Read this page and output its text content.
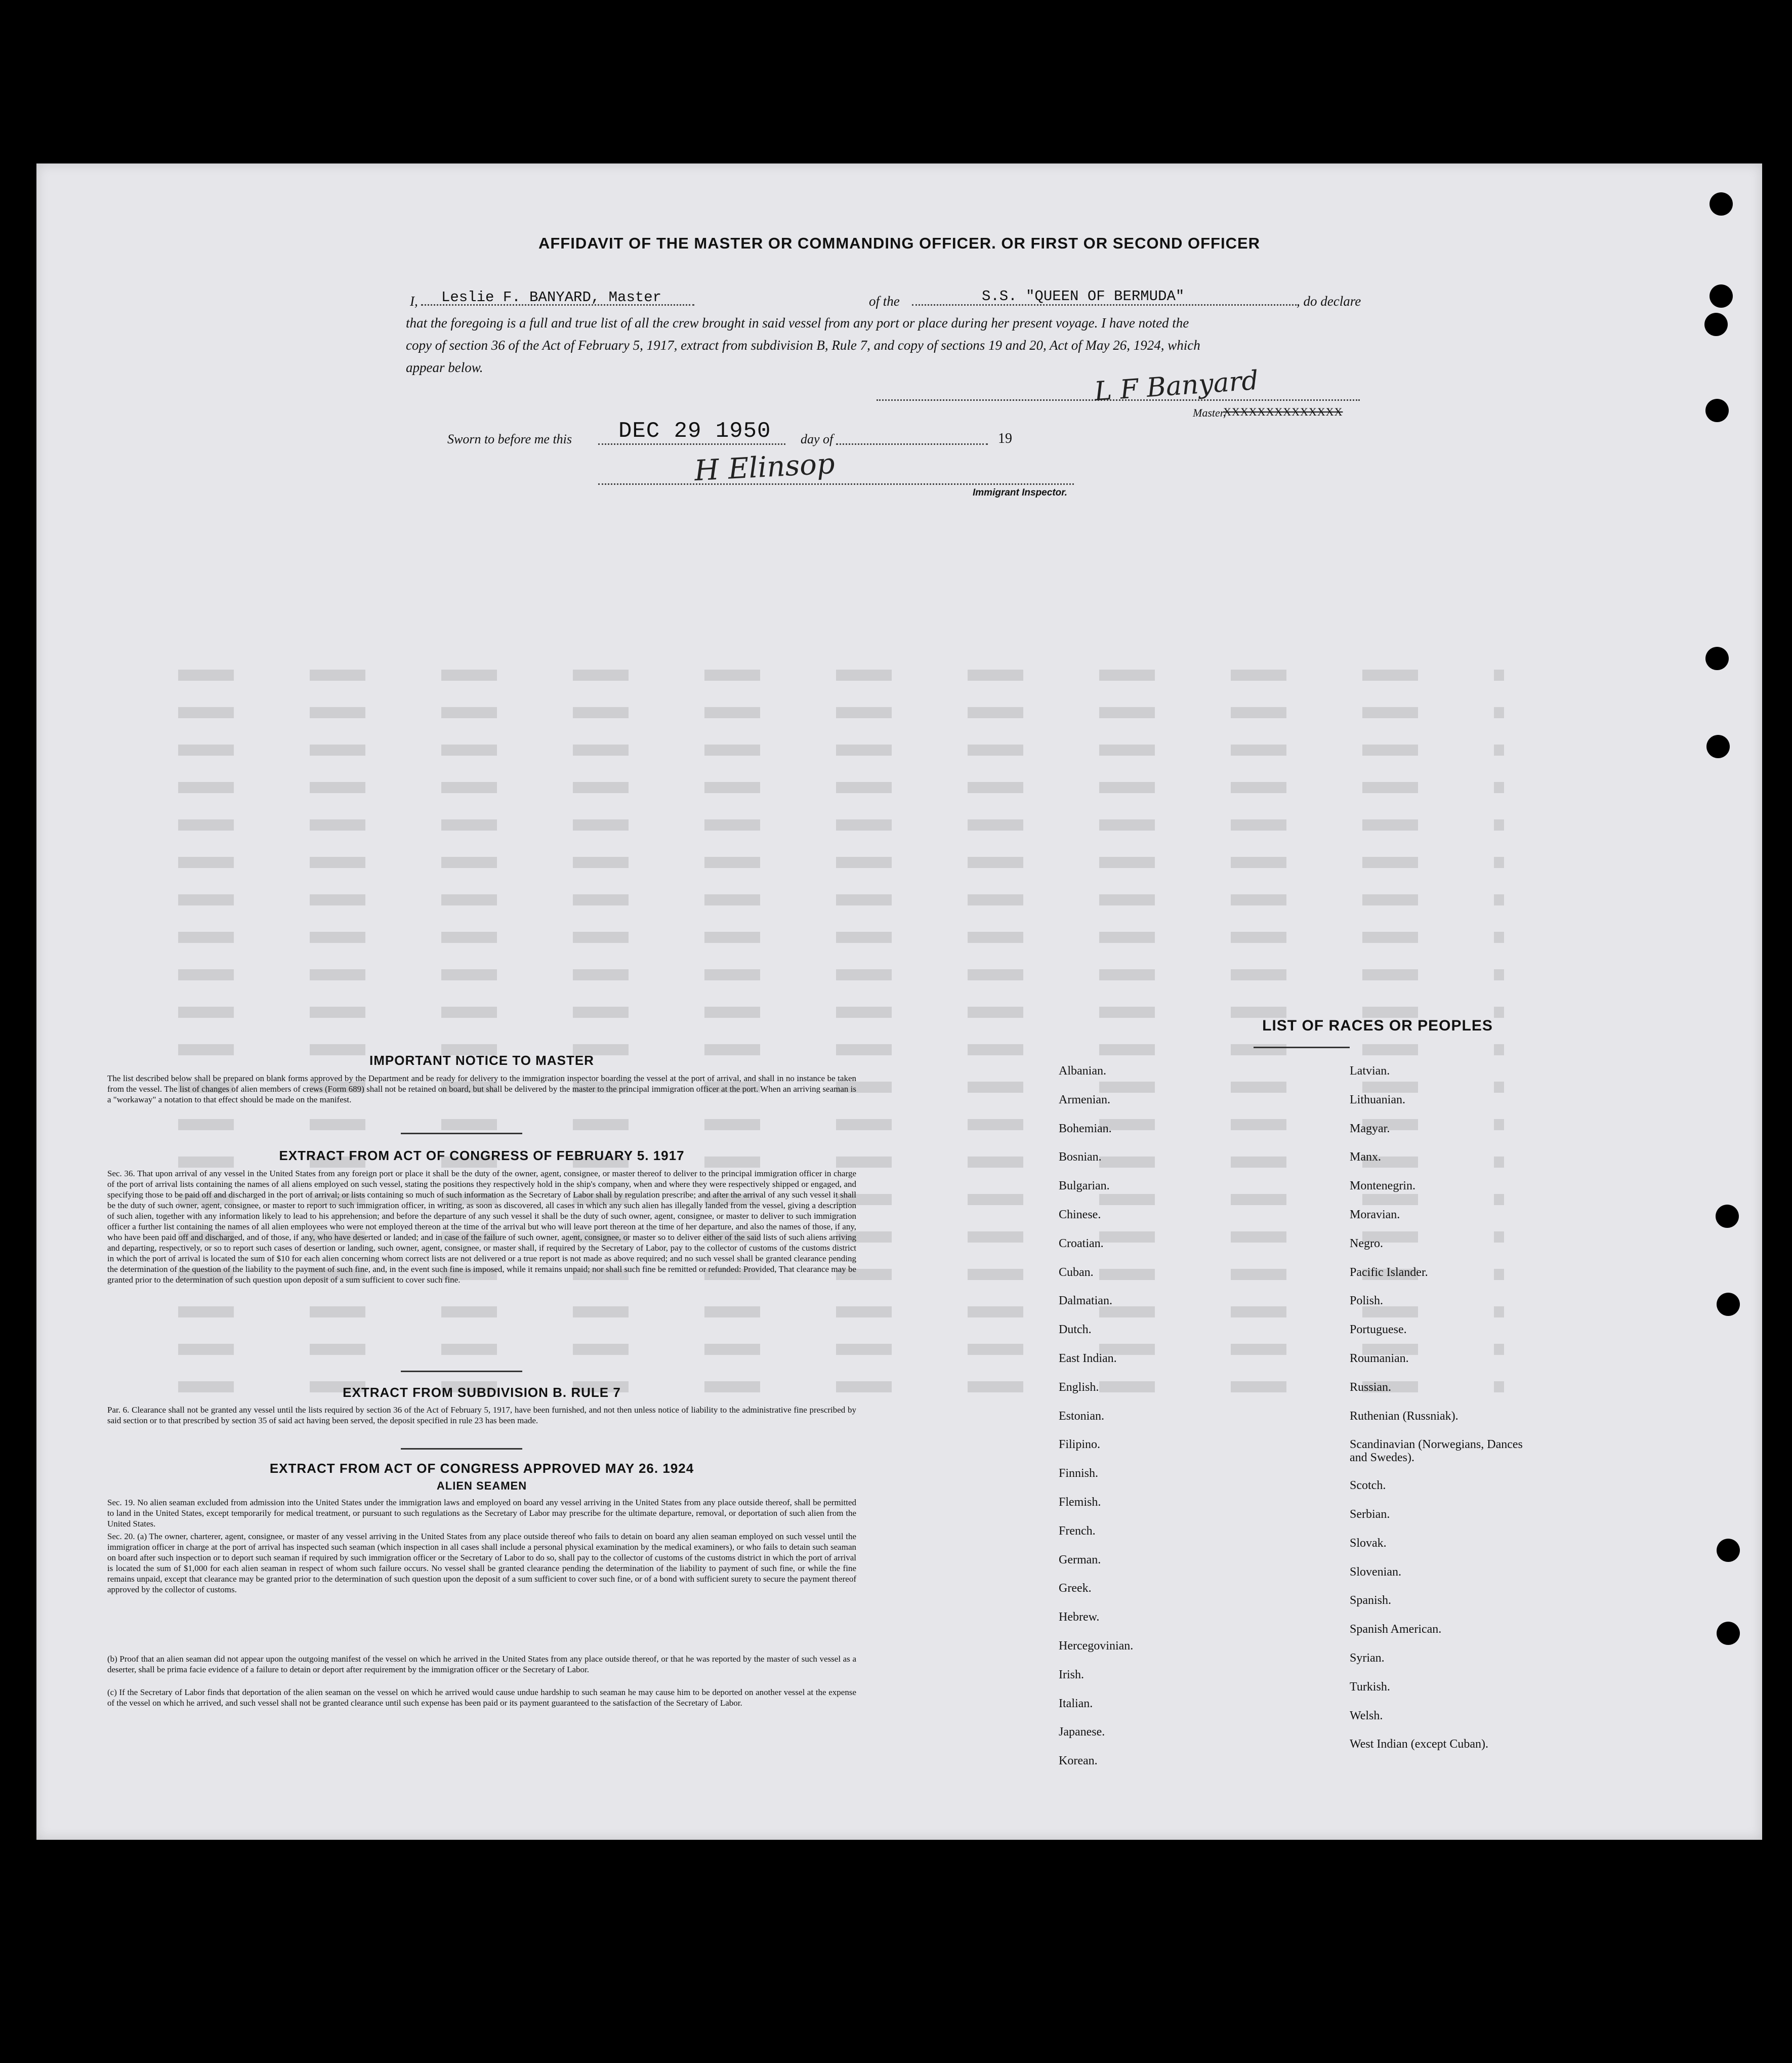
AFFIDAVIT OF THE MASTER OR COMMANDING OFFICER. OR FIRST OR SECOND OFFICER
I, Leslie F. BANYARD, Master	of the	S.S. "QUEEN OF BERMUDA"	, do declare
that the foregoing is a full and true list of all the crew brought in said vessel from any port or place during her present voyage. I have noted the
copy of section 36 of the Act of February 5, 1917, extract from subdivision B, Rule 7, and copy of sections 19 and 20, Act of May 26, 1924, which
appear below.	L F Banyard
Master,
XXXXXXXXXXXXXX
Sworn to before me this DEC 29 1950 day of	19
H Elinsop
Immigrant Inspector.
IMPORTANT NOTICE TO MASTER
The list described below shall be prepared on blank forms approved by the Department and be ready for delivery to the immigration inspector boarding the vessel at the port of arrival, and shall in no instance be taken from the vessel. The list of changes of alien members of crews (Form 689) shall not be retained on board, but shall be delivered by the master to the principal immigration officer at the port. When an arriving seaman is a "workaway" a notation to that effect should be made on the manifest.
EXTRACT FROM ACT OF CONGRESS OF FEBRUARY 5. 1917
Sec. 36. That upon arrival of any vessel in the United States from any foreign port or place it shall be the duty of the owner, agent, consignee, or master thereof to deliver to the principal immigration officer in charge of the port of arrival lists containing the names of all aliens employed on such vessel, stating the positions they respectively hold in the ship's company, when and where they were respectively shipped or engaged, and specifying those to be paid off and discharged in the port of arrival; or lists containing so much of such information as the Secretary of Labor shall by regulation prescribe; and after the arrival of any such vessel it shall be the duty of such owner, agent, consignee, or master to report to such immigration officer, in writing, as soon as discovered, all cases in which any such alien has illegally landed from the vessel, giving a description of such alien, together with any information likely to lead to his apprehension; and before the departure of any such vessel it shall be the duty of such owner, agent, consignee, or master to deliver to such immigration officer a further list containing the names of all alien employees who were not employed thereon at the time of the arrival but who will leave port thereon at the time of her departure, and also the names of those, if any, who have been paid off and discharged, and of those, if any, who have deserted or landed; and in case of the failure of such owner, agent, consignee, or master so to deliver either of the said lists of such aliens arriving and departing, respectively, or so to report such cases of desertion or landing, such owner, agent, consignee, or master shall, if required by the Secretary of Labor, pay to the collector of customs of the customs district in which the port of arrival is located the sum of $10 for each alien concerning whom correct lists are not delivered or a true report is not made as above required; and no such vessel shall be granted clearance pending the determination of the question of the liability to the payment of such fine, and, in the event such fine is imposed, while it remains unpaid; nor shall such fine be remitted or refunded: Provided, That clearance may be granted prior to the determination of such question upon deposit of a sum sufficient to cover such fine.
EXTRACT FROM SUBDIVISION B. RULE 7
Par. 6. Clearance shall not be granted any vessel until the lists required by section 36 of the Act of February 5, 1917, have been furnished, and not then unless notice of liability to the administrative fine prescribed by said section or to that prescribed by section 35 of said act having been served, the deposit specified in rule 23 has been made.
EXTRACT FROM ACT OF CONGRESS APPROVED MAY 26. 1924
ALIEN SEAMEN
Sec. 19. No alien seaman excluded from admission into the United States under the immigration laws and employed on board any vessel arriving in the United States from any place outside thereof, shall be permitted to land in the United States, except temporarily for medical treatment, or pursuant to such regulations as the Secretary of Labor may prescribe for the ultimate departure, removal, or deportation of such alien from the United States.
Sec. 20. (a) The owner, charterer, agent, consignee, or master of any vessel arriving in the United States from any place outside thereof who fails to detain on board any alien seaman employed on such vessel until the immigration officer in charge at the port of arrival has inspected such seaman (which inspection in all cases shall include a personal physical examination by the medical examiners), or who fails to detain such seaman on board after such inspection or to deport such seaman if required by such immigration officer or the Secretary of Labor to do so, shall pay to the collector of customs of the customs district in which the port of arrival is located the sum of $1,000 for each alien seaman in respect of whom such failure occurs. No vessel shall be granted clearance pending the determination of the liability to payment of such fine, or while the fine remains unpaid, except that clearance may be granted prior to the determination of such question upon the deposit of a sum sufficient to cover such fine, or of a bond with sufficient surety to secure the payment thereof approved by the collector of customs.
(b) Proof that an alien seaman did not appear upon the outgoing manifest of the vessel on which he arrived in the United States from any place outside thereof, or that he was reported by the master of such vessel as a deserter, shall be prima facie evidence of a failure to detain or deport after requirement by the immigration officer or the Secretary of Labor.
(c) If the Secretary of Labor finds that deportation of the alien seaman on the vessel on which he arrived would cause undue hardship to such seaman he may cause him to be deported on another vessel at the expense of the vessel on which he arrived, and such vessel shall not be granted clearance until such expense has been paid or its payment guaranteed to the satisfaction of the Secretary of Labor.
LIST OF RACES OR PEOPLES
Albanian.
Armenian.
Bohemian.
Bosnian.
Bulgarian.
Chinese.
Croatian.
Cuban.
Dalmatian.
Dutch.
East Indian.
English.
Estonian.
Filipino.
Finnish.
Flemish.
French.
German.
Greek.
Hebrew.
Hercegovinian.
Irish.
Italian.
Japanese.
Korean.
Latvian.
Lithuanian.
Magyar.
Manx.
Montenegrin.
Moravian.
Negro.
Pacific Islander.
Polish.
Portuguese.
Roumanian.
Russian.
Ruthenian (Russniak).
Scandinavian (Norwegians, Dances and Swedes).
Scotch.
Serbian.
Slovak.
Slovenian.
Spanish.
Spanish American.
Syrian.
Turkish.
Welsh.
West Indian (except Cuban).
